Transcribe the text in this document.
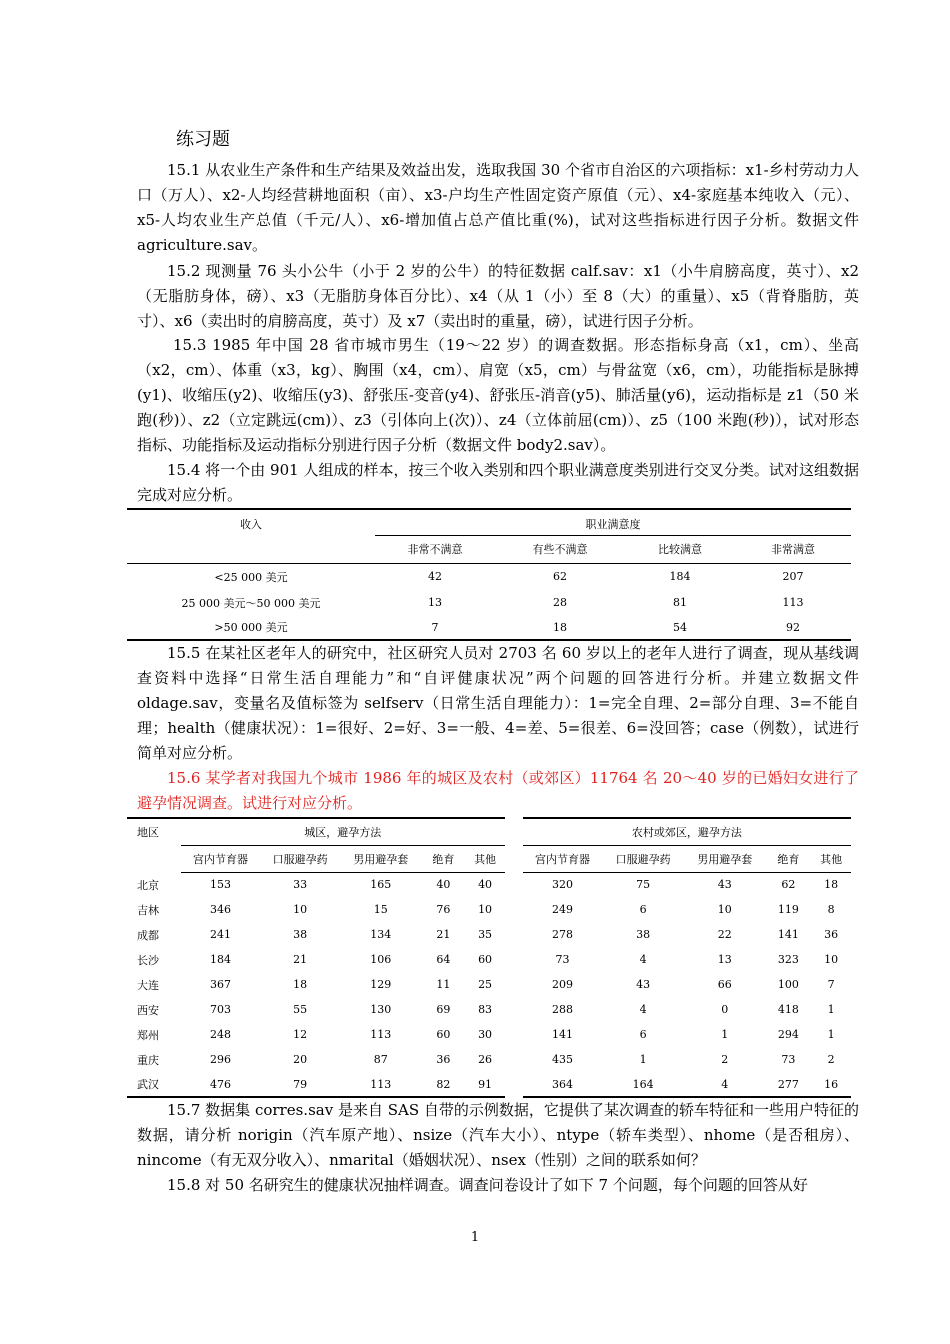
练习题
15.1 从农业生产条件和生产结果及效益出发，选取我国 30 个省市自治区的六项指标：x1-乡村劳动力人口（万人）、x2-人均经营耕地面积（亩）、x3-户均生产性固定资产原值（元）、x4-家庭基本纯收入（元）、x5-人均农业生产总值（千元/人）、x6-增加值占总产值比重(%)，试对这些指标进行因子分析。数据文件 agriculture.sav。
15.2 现测量 76 头小公牛（小于 2 岁的公牛）的特征数据 calf.sav：x1（小牛肩膀高度，英寸）、x2（无脂肪身体，磅）、x3（无脂肪身体百分比）、x4（从 1（小）至 8（大）的重量）、x5（背脊脂肪，英寸）、x6（卖出时的肩膀高度，英寸）及 x7（卖出时的重量，磅），试进行因子分析。
15.3 1985 年中国 28 省市城市男生（19～22 岁）的调查数据。形态指标身高（x1，cm）、坐高（x2，cm）、体重（x3，kg）、胸围（x4，cm）、肩宽（x5，cm）与骨盆宽（x6，cm），功能指标是脉搏(y1)、收缩压(y2)、收缩压(y3)、舒张压-变音(y4)、舒张压-消音(y5)、肺活量(y6)，运动指标是 z1（50 米跑(秒)）、z2（立定跳远(cm)）、z3（引体向上(次)）、z4（立体前屈(cm)）、z5（100 米跑(秒)），试对形态指标、功能指标及运动指标分别进行因子分析（数据文件 body2.sav）。
15.4 将一个由 901 人组成的样本，按三个收入类别和四个职业满意度类别进行交叉分类。试对这组数据完成对应分析。
收入	职业满意度			
	非常不满意	有些不满意	比较满意	非常满意
<25 000 美元	42	62	184	207
25 000 美元～50 000 美元	13	28	81	113
>50 000 美元	7	18	54	92
15.5 在某社区老年人的研究中，社区研究人员对 2703 名 60 岁以上的老年人进行了调查，现从基线调查资料中选择“日常生活自理能力”和“自评健康状况”两个问题的回答进行分析。并建立数据文件 oldage.sav，变量名及值标签为 selfserv（日常生活自理能力）：1=完全自理、2=部分自理、3=不能自理；health（健康状况）：1=很好、2=好、3=一般、4=差、5=很差、6=没回答；case（例数），试进行简单对应分析。
15.6 某学者对我国九个城市 1986 年的城区及农村（或郊区）11764 名 20～40 岁的已婚妇女进行了避孕情况调查。试进行对应分析。
地区	城区，避孕方法						农村或郊区，避孕方法				
	宫内节育器	口服避孕药	男用避孕套	绝育	其他		宫内节育器	口服避孕药	男用避孕套	绝育	其他
北京	153	33	165	40	40		320	75	43	62	18
吉林	346	10	15	76	10		249	6	10	119	8
成都	241	38	134	21	35		278	38	22	141	36
长沙	184	21	106	64	60		73	4	13	323	10
大连	367	18	129	11	25		209	43	66	100	7
西安	703	55	130	69	83		288	4	0	418	1
郑州	248	12	113	60	30		141	6	1	294	1
重庆	296	20	87	36	26		435	1	2	73	2
武汉	476	79	113	82	91		364	164	4	277	16
15.7 数据集 corres.sav 是来自 SAS 自带的示例数据，它提供了某次调查的轿车特征和一些用户特征的数据，请分析 norigin（汽车原产地）、nsize（汽车大小）、ntype（轿车类型）、nhome（是否租房）、nincome（有无双分收入）、nmarital（婚姻状况）、nsex（性别）之间的联系如何？
15.8 对 50 名研究生的健康状况抽样调查。调查问卷设计了如下 7 个问题，每个问题的回答从好
1
